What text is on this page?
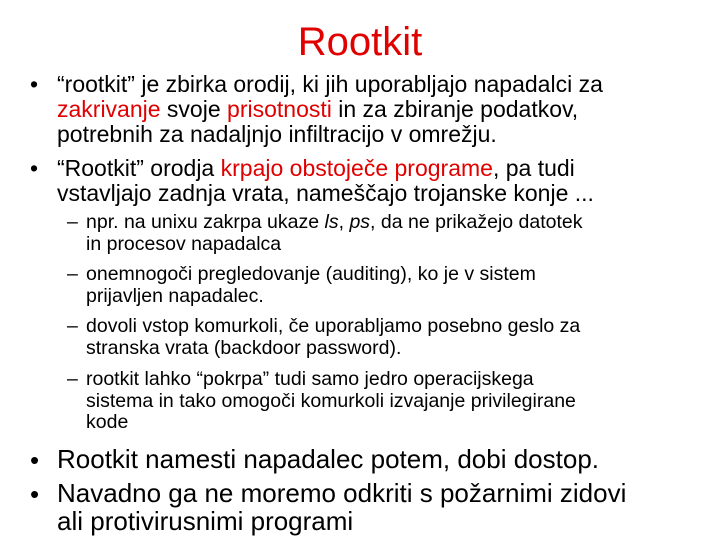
Rootkit
• “rootkit” je zbirka orodij, ki jih uporabljajo napadalci za
zakrivanje svoje prisotnosti in za zbiranje podatkov,
potrebnih za nadaljnjo infiltracijo v omrežju.
• “Rootkit” orodja krpajo obstoječe programe, pa tudi
vstavljajo zadnja vrata, nameščajo trojanske konje ...
– npr. na unixu zakrpa ukaze ls, ps, da ne prikažejo datotek
in procesov napadalca
– onemnogoči pregledovanje (auditing), ko je v sistem
prijavljen napadalec.
– dovoli vstop komurkoli, če uporabljamo posebno geslo za
stranska vrata (backdoor password).
– rootkit lahko “pokrpa” tudi samo jedro operacijskega
sistema in tako omogoči komurkoli izvajanje privilegirane
kode
• Rootkit namesti napadalec potem, dobi dostop.
• Navadno ga ne moremo odkriti s požarnimi zidovi
ali protivirusnimi programi
